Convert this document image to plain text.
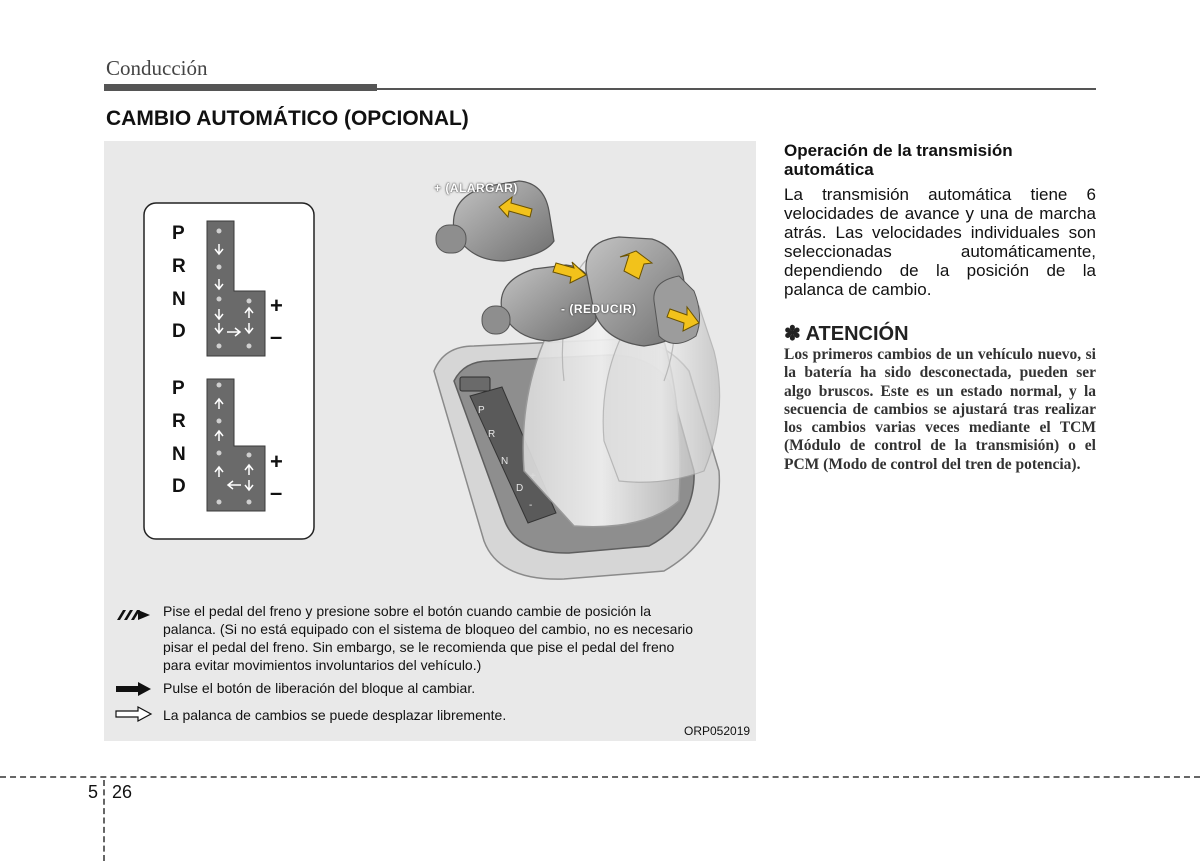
Conducción
CAMBIO AUTOMÁTICO (OPCIONAL)
P
R
N
D
+
–
P
R
N
D
+
–
P
R
N
D
-
+ (ALARGAR)
- (REDUCIR)
Pise el pedal del freno y presione sobre el botón cuando cambie de posición la
palanca. (Si no está equipado con el sistema de bloqueo del cambio, no es necesario
pisar el pedal del freno. Sin embargo, se le recomienda que pise el pedal del freno
para evitar movimientos involuntarios del vehículo.)
Pulse el botón de liberación del bloque al cambiar.
La palanca de cambios se puede desplazar libremente.
ORP052019
Operación de la transmisión automática
La transmisión automática tiene 6 velocidades de avance y una de marcha atrás. Las velocidades individuales son seleccionadas automáticamente, dependiendo de la posición de la palanca de cambio.
✽ ATENCIÓN
Los primeros cambios de un vehículo nuevo, si la batería ha sido desconectada, pueden ser algo bruscos. Este es un estado normal, y la secuencia de cambios se ajustará tras realizar los cambios varias veces mediante el TCM (Módulo de control de la transmisión) o el PCM (Modo de control del tren de potencia).
5 26
